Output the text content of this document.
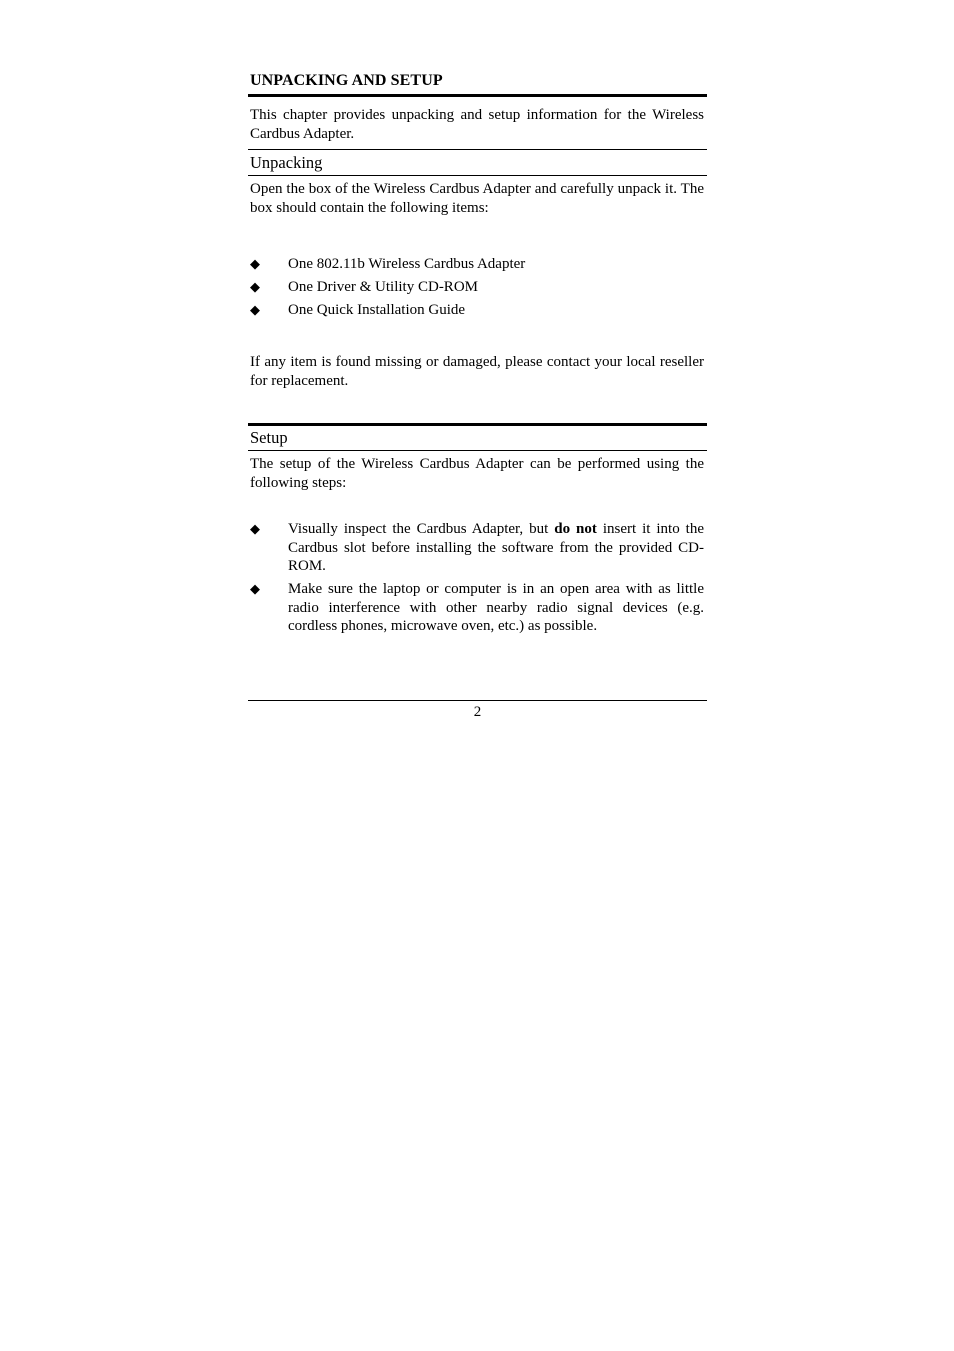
UNPACKING AND SETUP
This chapter provides unpacking and setup information for the Wireless Cardbus Adapter.
Unpacking
Open the box of the Wireless Cardbus Adapter and carefully unpack it. The box should contain the following items:
◆ One 802.11b Wireless Cardbus Adapter
◆ One Driver & Utility CD-ROM
◆ One Quick Installation Guide
If any item is found missing or damaged, please contact your local reseller for replacement.
Setup
The setup of the Wireless Cardbus Adapter can be performed using the following steps:
◆ Visually inspect the Cardbus Adapter, but do not insert it into the Cardbus slot before installing the software from the provided CD-ROM.
◆ Make sure the laptop or computer is in an open area with as little radio interference with other nearby radio signal devices (e.g. cordless phones, microwave oven, etc.) as possible.
2
